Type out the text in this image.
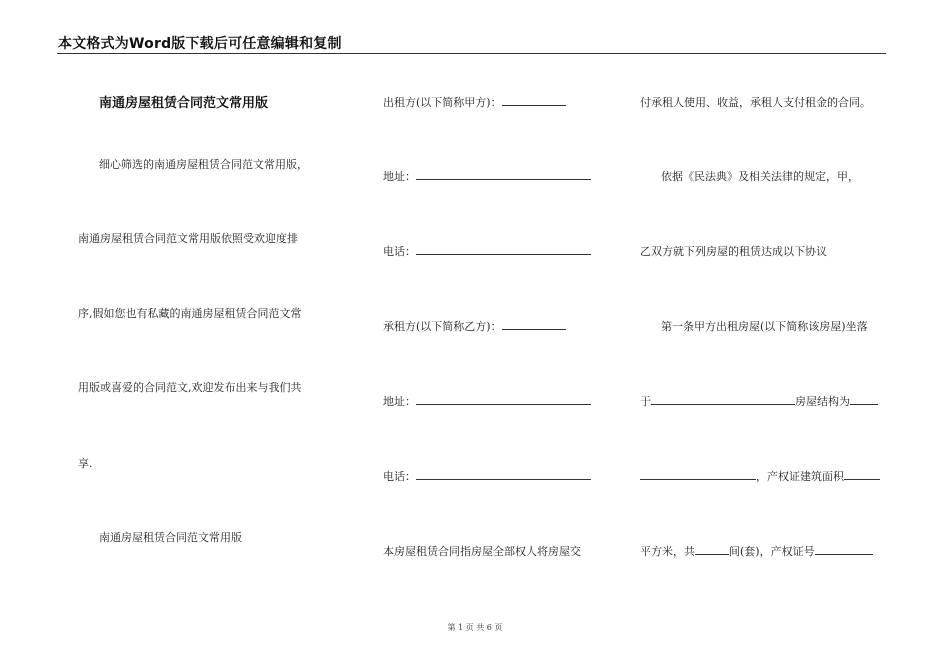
本文格式为Word版下载后可任意编辑和复制
南通房屋租赁合同范文常用版
细心筛选的南通房屋租赁合同范文常用版，
南通房屋租赁合同范文常用版依照受欢迎度排
序,假如您也有私藏的南通房屋租赁合同范文常
用版或喜爱的合同范文,欢迎发布出来与我们共
享.
南通房屋租赁合同范文常用版
出租方(以下简称甲方)：
地址：
电话：
承租方(以下简称乙方)：
地址：
电话：
本房屋租赁合同指房屋全部权人将房屋交
付承租人使用、收益，承租人支付租金的合同。
依据《民法典》及相关法律的规定，甲，
乙双方就下列房屋的租赁达成以下协议
第一条甲方出租房屋(以下简称该房屋)坐落
于	房屋结构为
，产权证建筑面积
平方米，共	间(套)，产权证号
第 1 页 共 6 页
